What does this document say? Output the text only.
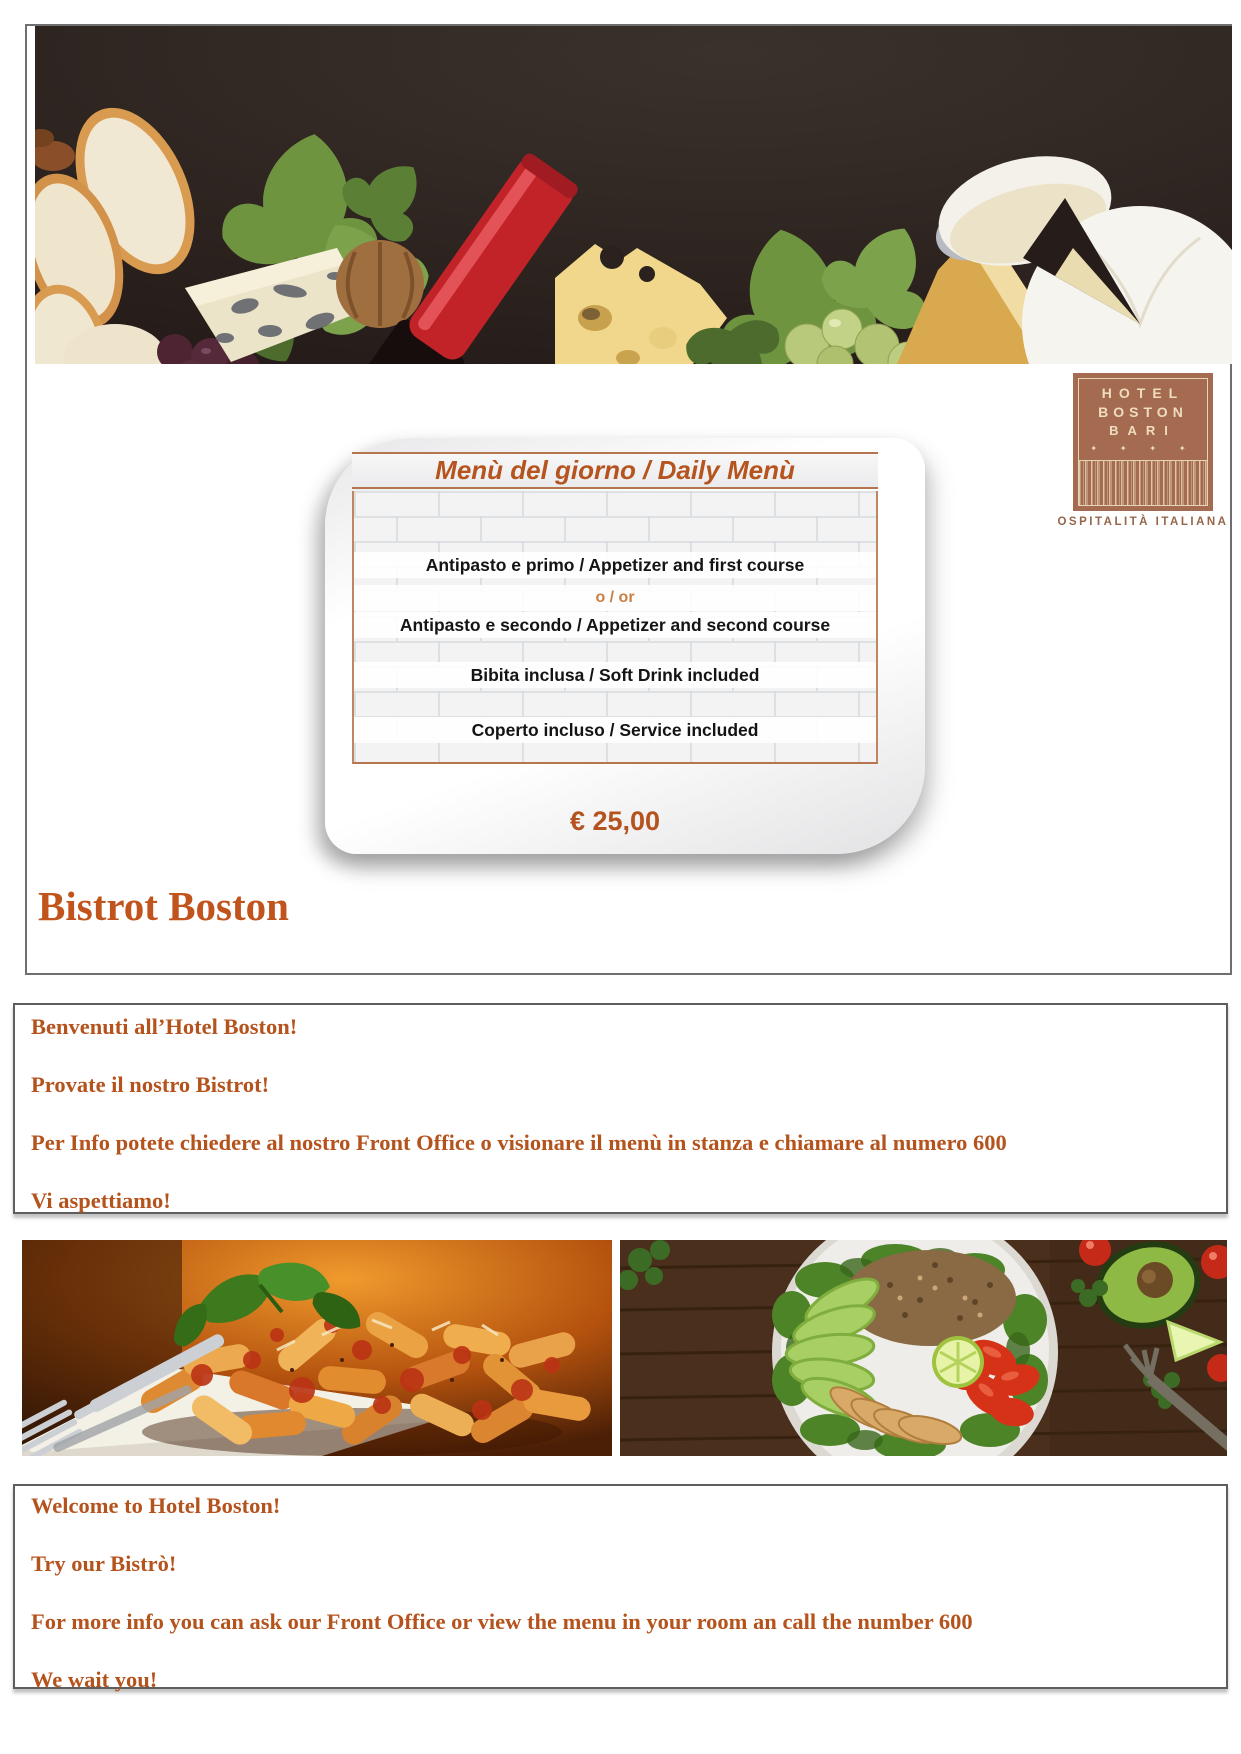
HOTEL
BOSTON
BARI
✦ ✦ ✦ ✦
OSPITALITÀ ITALIANA
Menù del giorno / Daily Menù
Antipasto e primo / Appetizer and first course
o / or
Antipasto e secondo / Appetizer and second course
Bibita inclusa / Soft Drink included
Coperto incluso / Service included
€ 25,00
Bistrot Boston

Benvenuti all’Hotel Boston!

Provate il nostro Bistrot!

Per Info potete chiedere al nostro Front Office o visionare il menù in stanza e chiamare al numero 600

Vi aspettiamo!

Welcome to Hotel Boston!

Try our Bistrò!

For more info you can ask our Front Office or view the menu in your room an call the number 600

We wait you!
